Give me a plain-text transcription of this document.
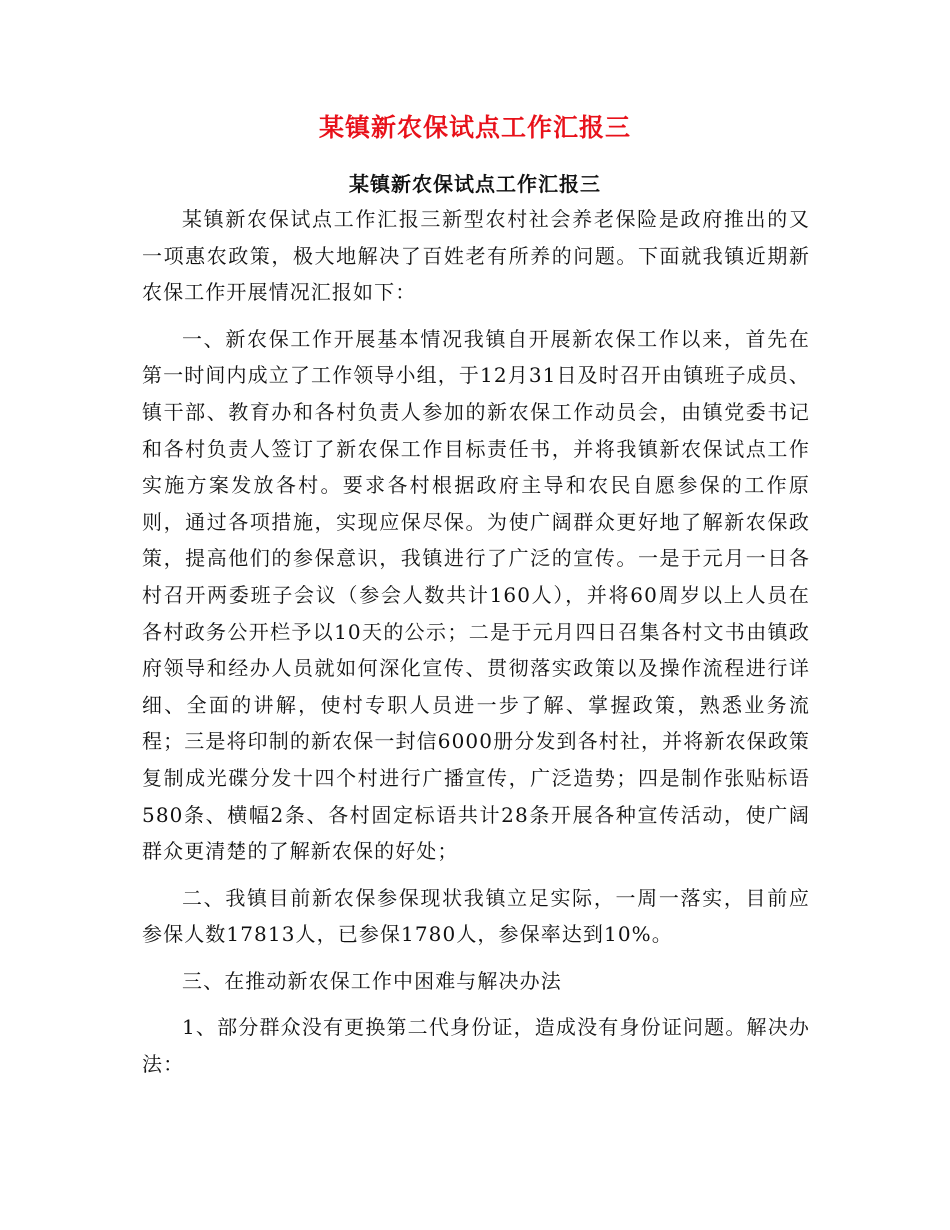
某镇新农保试点工作汇报三
某镇新农保试点工作汇报三

某镇新农保试点工作汇报三新型农村社会养老保险是政府推出的又一项惠农政策，极大地解决了百姓老有所养的问题。下面就我镇近期新农保工作开展情况汇报如下：

一、新农保工作开展基本情况我镇自开展新农保工作以来，首先在第一时间内成立了工作领导小组，于12月31日及时召开由镇班子成员、镇干部、教育办和各村负责人参加的新农保工作动员会，由镇党委书记和各村负责人签订了新农保工作目标责任书，并将我镇新农保试点工作实施方案发放各村。要求各村根据政府主导和农民自愿参保的工作原则，通过各项措施，实现应保尽保。为使广阔群众更好地了解新农保政策，提高他们的参保意识，我镇进行了广泛的宣传。一是于元月一日各村召开两委班子会议（参会人数共计160人），并将60周岁以上人员在各村政务公开栏予以10天的公示；二是于元月四日召集各村文书由镇政府领导和经办人员就如何深化宣传、贯彻落实政策以及操作流程进行详细、全面的讲解，使村专职人员进一步了解、掌握政策，熟悉业务流程；三是将印制的新农保一封信6000册分发到各村社，并将新农保政策复制成光碟分发十四个村进行广播宣传，广泛造势；四是制作张贴标语580条、横幅2条、各村固定标语共计28条开展各种宣传活动，使广阔群众更清楚的了解新农保的好处；

二、我镇目前新农保参保现状我镇立足实际，一周一落实，目前应参保人数17813人，已参保1780人，参保率达到10%。

三、在推动新农保工作中困难与解决办法

1、部分群众没有更换第二代身份证，造成没有身份证问题。解决办法：
